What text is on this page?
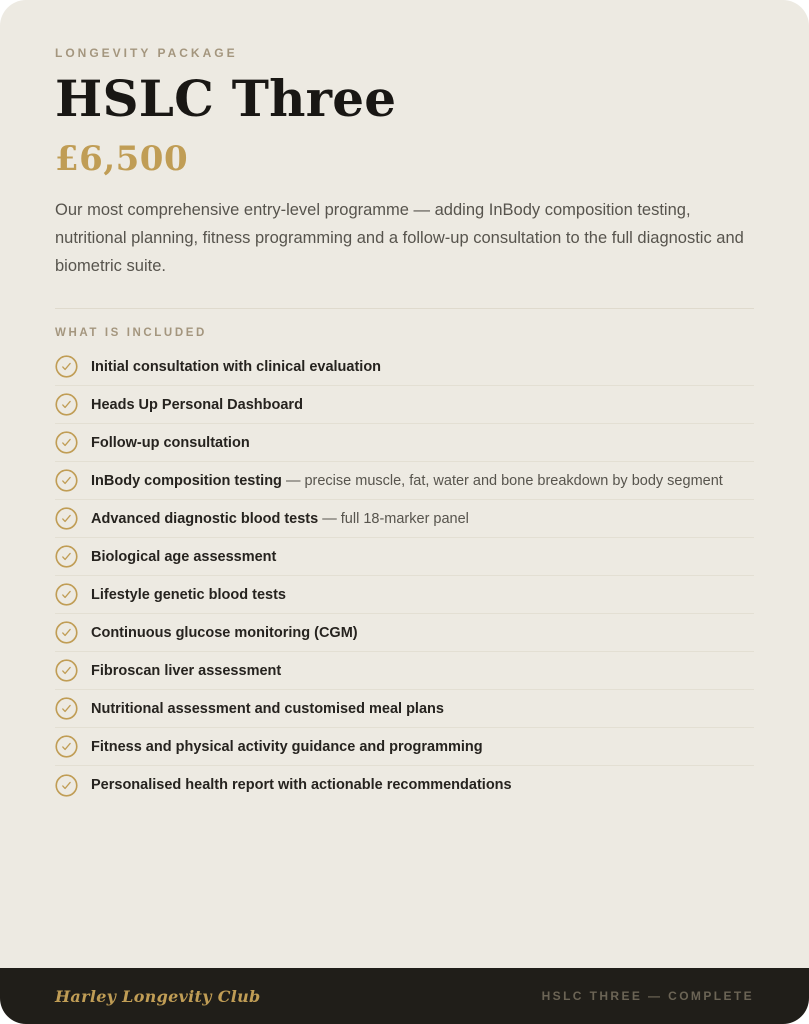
LONGEVITY PACKAGE
HSLC Three
£6,500

Our most comprehensive entry-level programme — adding InBody composition testing, nutritional planning, fitness programming and a follow-up consultation to the full diagnostic and biometric suite.

WHAT IS INCLUDED
Initial consultation with clinical evaluation
Heads Up Personal Dashboard
Follow-up consultation
InBody composition testing — precise muscle, fat, water and bone breakdown by body segment
Advanced diagnostic blood tests — full 18-marker panel
Biological age assessment
Lifestyle genetic blood tests
Continuous glucose monitoring (CGM)
Fibroscan liver assessment
Nutritional assessment and customised meal plans
Fitness and physical activity guidance and programming
Personalised health report with actionable recommendations
Harley Longevity Club	HSLC THREE — COMPLETE
